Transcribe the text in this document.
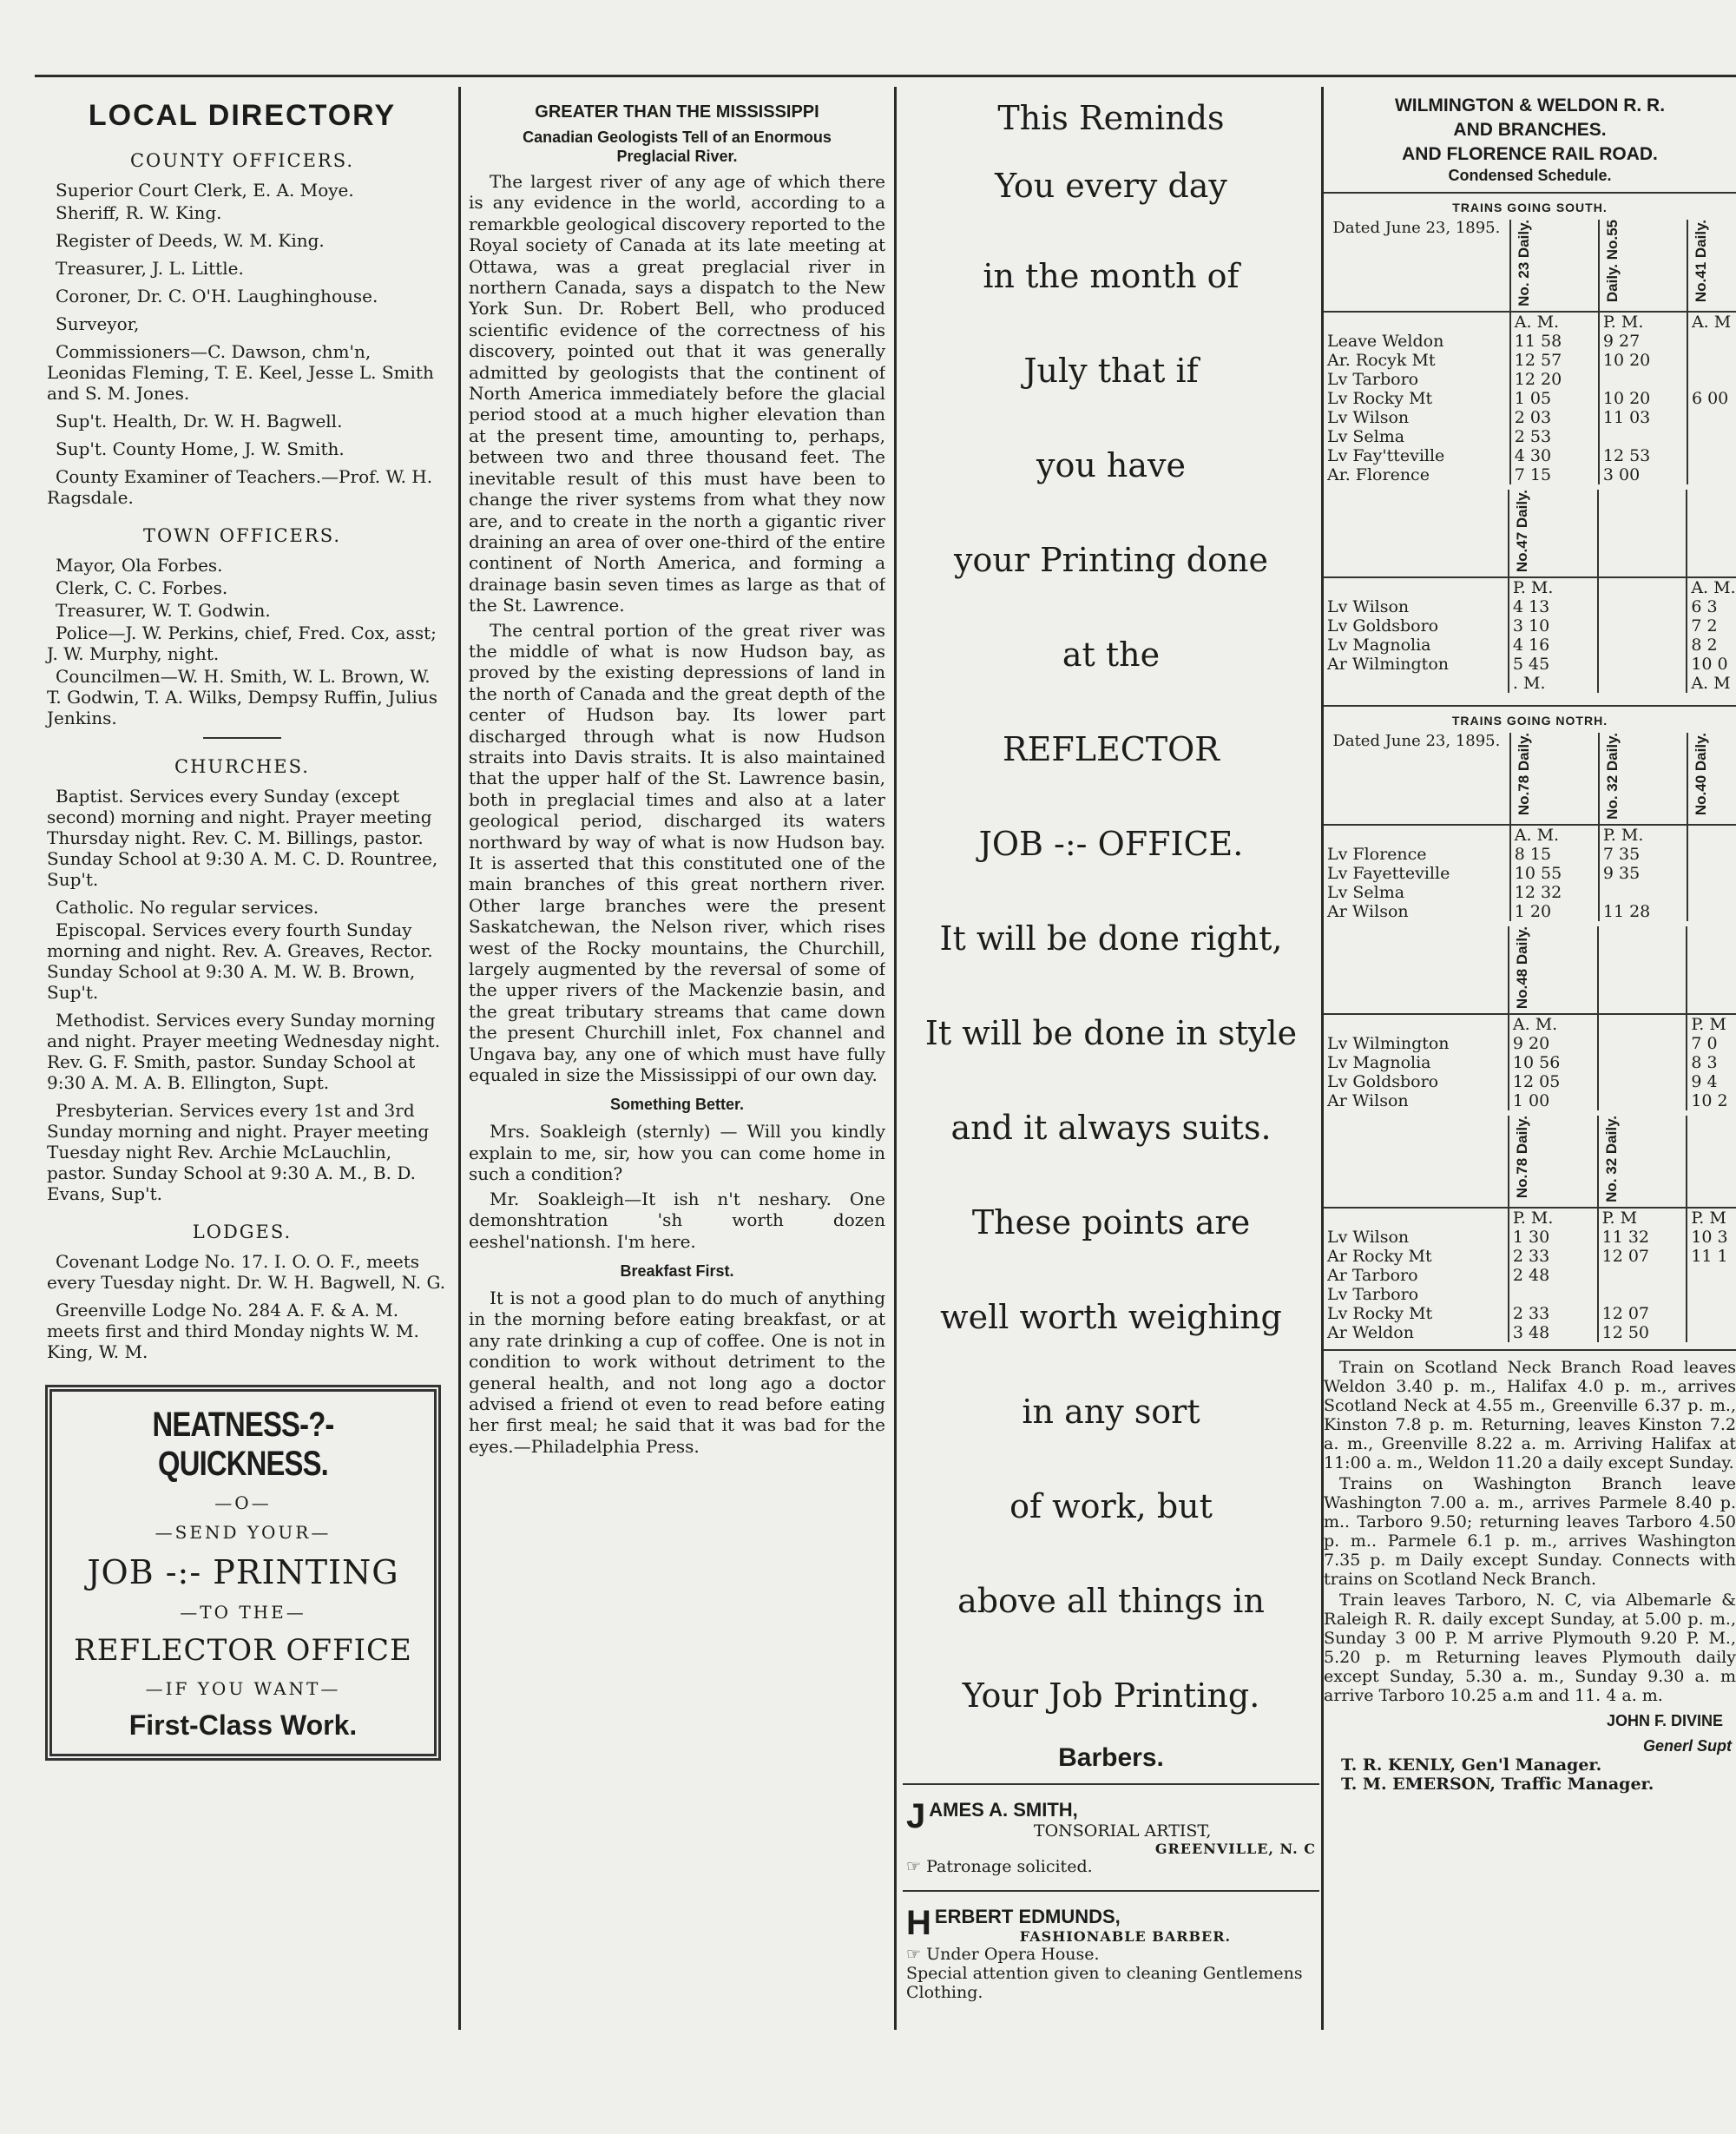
LOCAL DIRECTORY
COUNTY OFFICERS.
Superior Court Clerk, E. A. Moye.
Sheriff, R. W. King.
Register of Deeds, W. M. King.
Treasurer, J. L. Little.
Coroner, Dr. C. O'H. Laughinghouse.
Surveyor,
Commissioners—C. Dawson, chm'n, Leonidas Fleming, T. E. Keel, Jesse L. Smith and S. M. Jones.
Sup't. Health, Dr. W. H. Bagwell.
Sup't. County Home, J. W. Smith.
County Examiner of Teachers.—Prof. W. H. Ragsdale.
TOWN OFFICERS.
Mayor, Ola Forbes.
Clerk, C. C. Forbes.
Treasurer, W. T. Godwin.
Police—J. W. Perkins, chief, Fred. Cox, asst; J. W. Murphy, night.
Councilmen—W. H. Smith, W. L. Brown, W. T. Godwin, T. A. Wilks, Dempsy Ruffin, Julius Jenkins.
CHURCHES.
Baptist. Services every Sunday (except second) morning and night. Prayer meeting Thursday night. Rev. C. M. Billings, pastor. Sunday School at 9:30 A. M. C. D. Rountree, Sup't.
Catholic. No regular services.
Episcopal. Services every fourth Sunday morning and night. Rev. A. Greaves, Rector. Sunday School at 9:30 A. M. W. B. Brown, Sup't.
Methodist. Services every Sunday morning and night. Prayer meeting Wednesday night. Rev. G. F. Smith, pastor. Sunday School at 9:30 A. M. A. B. Ellington, Supt.
Presbyterian. Services every 1st and 3rd Sunday morning and night. Prayer meeting Tuesday night Rev. Archie McLauchlin, pastor. Sunday School at 9:30 A. M., B. D. Evans, Sup't.
LODGES.
Covenant Lodge No. 17. I. O. O. F., meets every Tuesday night. Dr. W. H. Bagwell, N. G.
Greenville Lodge No. 284 A. F. & A. M. meets first and third Monday nights W. M. King, W. M.
NEATNESS-?-QUICKNESS.
—O—
—SEND YOUR—
JOB -:- PRINTING
—TO THE—
REFLECTOR OFFICE
—IF YOU WANT—
First-Class Work.
GREATER THAN THE MISSISSIPPI
Canadian Geologists Tell of an Enormous Preglacial River.

The largest river of any age of which there is any evidence in the world, according to a remarkble geological discovery reported to the Royal society of Canada at its late meeting at Ottawa, was a great preglacial river in northern Canada, says a dispatch to the New York Sun. Dr. Robert Bell, who produced scientific evidence of the correctness of his discovery, pointed out that it was generally admitted by geologists that the continent of North America immediately before the glacial period stood at a much higher elevation than at the present time, amounting to, perhaps, between two and three thousand feet. The inevitable result of this must have been to change the river systems from what they now are, and to create in the north a gigantic river draining an area of over one-third of the entire continent of North America, and forming a drainage basin seven times as large as that of the St. Lawrence.

The central portion of the great river was the middle of what is now Hudson bay, as proved by the existing depressions of land in the north of Canada and the great depth of the center of Hudson bay. Its lower part discharged through what is now Hudson straits into Davis straits. It is also maintained that the upper half of the St. Lawrence basin, both in preglacial times and also at a later geological period, discharged its waters northward by way of what is now Hudson bay. It is asserted that this constituted one of the main branches of this great northern river. Other large branches were the present Saskatchewan, the Nelson river, which rises west of the Rocky mountains, the Churchill, largely augmented by the reversal of some of the upper rivers of the Mackenzie basin, and the great tributary streams that came down the present Churchill inlet, Fox channel and Ungava bay, any one of which must have fully equaled in size the Mississippi of our own day.

Something Better.

Mrs. Soakleigh (sternly) — Will you kindly explain to me, sir, how you can come home in such a condition?

Mr. Soakleigh—It ish n't neshary. One demonshtration 'sh worth dozen eeshel'nationsh. I'm here.

Breakfast First.

It is not a good plan to do much of anything in the morning before eating breakfast, or at any rate drinking a cup of coffee. One is not in condition to work without detriment to the general health, and not long ago a doctor advised a friend ot even to read before eating her first meal; he said that it was bad for the eyes.—Philadelphia Press.

This Reminds
You every day
in the month of
July that if
you have
your Printing done
at the
REFLECTOR
JOB -:- OFFICE.
It will be done right,
It will be done in style
and it always suits.
These points are
well worth weighing
in any sort
of work, but
above all things in
Your Job Printing.
Barbers.
J AMES A. SMITH,
TONSORIAL ARTIST,
GREENVILLE, N. C
☞ Patronage solicited.
H ERBERT EDMUNDS,
FASHIONABLE BARBER.
☞ Under Opera House.
Special attention given to cleaning Gentlemens Clothing.
WILMINGTON & WELDON R. R.
AND BRANCHES.
AND FLORENCE RAIL ROAD.
Condensed Schedule.
TRAINS GOING SOUTH.
Dated June 23, 1895.	No. 23 Daily.	Daily. No.55	No.41 Daily.
	A. M.	P. M.	A. M
Leave Weldon	11 58	9 27	
Ar. Rocyk Mt	12 57	10 20	
Lv Tarboro	12 20		
Lv Rocky Mt	1 05	10 20	6 00
Lv Wilson	2 03	11 03	
Lv Selma	2 53		
Lv Fay'tteville	4 30	12 53	
Ar. Florence	7 15	3 00	
	No.47 Daily.		
	P. M.		A. M.
Lv Wilson	4 13		6 3
Lv Goldsboro	3 10		7 2
Lv Magnolia	4 16		8 2
Ar Wilmington	5 45		10 0
	. M.		A. M
TRAINS GOING NOTRH.
Dated June 23, 1895.	No.78 Daily.	No. 32 Daily.	No.40 Daily.
	A. M.	P. M.	
Lv Florence	8 15	7 35	
Lv Fayetteville	10 55	9 35	
Lv Selma	12 32		
Ar Wilson	1 20	11 28	
	No.48 Daily.		
	A. M.		P. M
Lv Wilmington	9 20		7 0
Lv Magnolia	10 56		8 3
Lv Goldsboro	12 05		9 4
Ar Wilson	1 00		10 2
	No.78 Daily.	No. 32 Daily.	
	P. M.	P. M	P. M
Lv Wilson	1 30	11 32	10 3
Ar Rocky Mt	2 33	12 07	11 1
Ar Tarboro	2 48		
Lv Tarboro			
Lv Rocky Mt	2 33	12 07	
Ar Weldon	3 48	12 50	

Train on Scotland Neck Branch Road leaves Weldon 3.40 p. m., Halifax 4.0 p. m., arrives Scotland Neck at 4.55 m., Greenville 6.37 p. m., Kinston 7.8 p. m. Returning, leaves Kinston 7.2 a. m., Greenville 8.22 a. m. Arriving Halifax at 11:00 a. m., Weldon 11.20 a daily except Sunday.

Trains on Washington Branch leave Washington 7.00 a. m., arrives Parmele 8.40 p. m.. Tarboro 9.50; returning leaves Tarboro 4.50 p. m.. Parmele 6.1 p. m., arrives Washington 7.35 p. m Daily except Sunday. Connects with trains on Scotland Neck Branch.

Train leaves Tarboro, N. C, via Albemarle & Raleigh R. R. daily except Sunday, at 5.00 p. m., Sunday 3 00 P. M arrive Plymouth 9.20 P. M., 5.20 p. m Returning leaves Plymouth daily except Sunday, 5.30 a. m., Sunday 9.30 a. m arrive Tarboro 10.25 a.m and 11. 4 a. m.

JOHN F. DIVINE
Generl Supt
T. R. KENLY, Gen'l Manager.
T. M. EMERSON, Traffic Manager.
